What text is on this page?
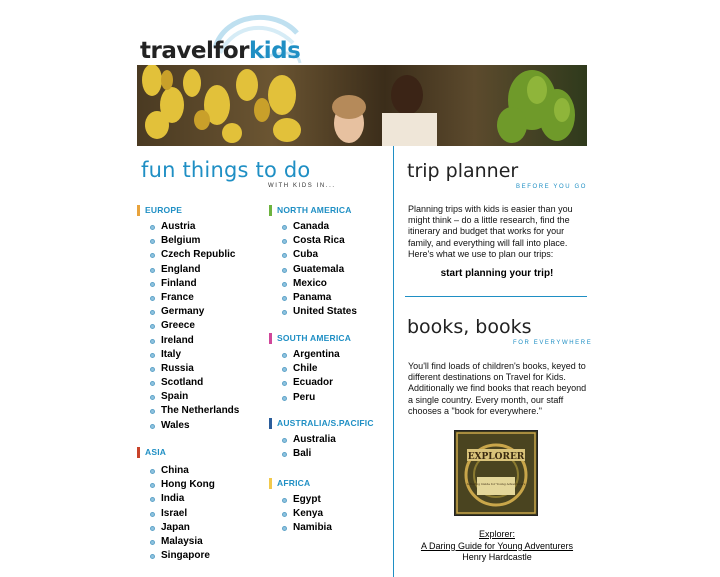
travelforkids
fun things to do
WITH KIDS IN...
EUROPE
Austria
Belgium
Czech Republic
England
Finland
France
Germany
Greece
Ireland
Italy
Russia
Scotland
Spain
The Netherlands
Wales
ASIA
China
Hong Kong
India
Israel
Japan
Malaysia
Singapore
NORTH AMERICA
Canada
Costa Rica
Cuba
Guatemala
Mexico
Panama
United States
SOUTH AMERICA
Argentina
Chile
Ecuador
Peru
AUSTRALIA/S.PACIFIC
Australia
Bali
AFRICA
Egypt
Kenya
Namibia
trip planner
BEFORE YOU GO
Planning trips with kids is easier than you might think – do a little research, find the itinerary and budget that works for your family, and everything will fall into place. Here's what we use to plan our trips:
start planning your trip!
books, books
FOR EVERYWHERE
You'll find loads of children's books, keyed to different destinations on Travel for Kids. Additionally we find books that reach beyond a single country. Every month, our staff chooses a "book for everywhere."
EXPLORER
A Daring Guide for Young Adventurers
Explorer:
A Daring Guide for Young Adventurers
Henry Hardcastle
